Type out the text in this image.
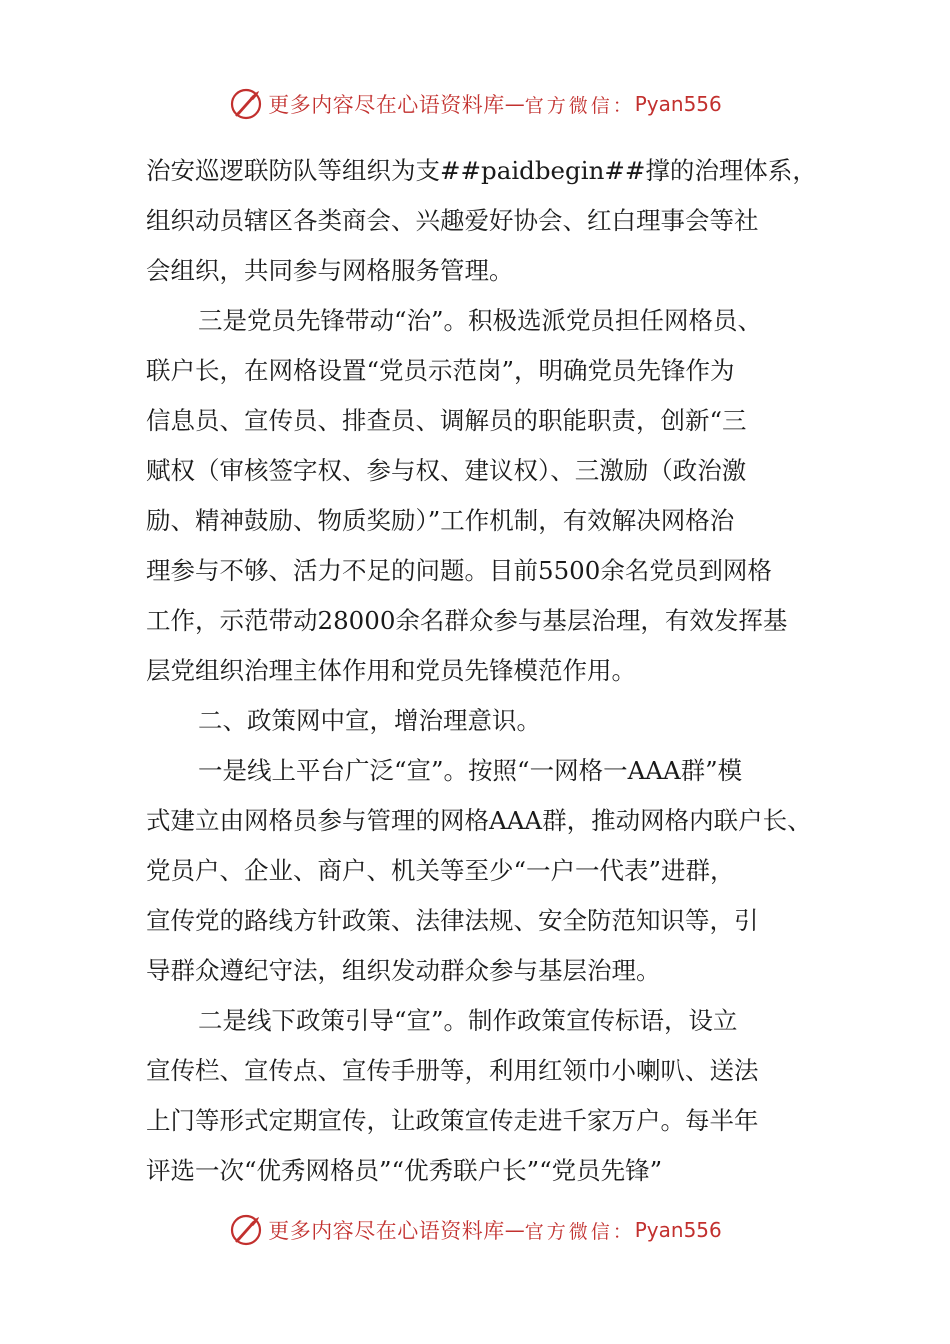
更多内容尽在心语资料库 — 官方微信： Pyan556
治安巡逻联防队等组织为支##paidbegin##撑的治理体系，
组织动员辖区各类商会、兴趣爱好协会、红白理事会等社
会组织，共同参与网格服务管理。
三是党员先锋带动“治”。积极选派党员担任网格员、
联户长，在网格设置“党员示范岗”，明确党员先锋作为
信息员、宣传员、排查员、调解员的职能职责，创新“三
赋权（审核签字权、参与权、建议权）、三激励（政治激
励、精神鼓励、物质奖励）”工作机制，有效解决网格治
理参与不够、活力不足的问题。目前5500余名党员到网格
工作，示范带动28000余名群众参与基层治理，有效发挥基
层党组织治理主体作用和党员先锋模范作用。
二、政策网中宣，增治理意识。
一是线上平台广泛“宣”。按照“一网格一AAA群”模
式建立由网格员参与管理的网格AAA群，推动网格内联户长、
党员户、企业、商户、机关等至少“一户一代表”进群，
宣传党的路线方针政策、法律法规、安全防范知识等，引
导群众遵纪守法，组织发动群众参与基层治理。
二是线下政策引导“宣”。制作政策宣传标语，设立
宣传栏、宣传点、宣传手册等，利用红领巾小喇叭、送法
上门等形式定期宣传，让政策宣传走进千家万户。每半年
评选一次“优秀网格员”“优秀联户长”“党员先锋”
更多内容尽在心语资料库 — 官方微信： Pyan556
